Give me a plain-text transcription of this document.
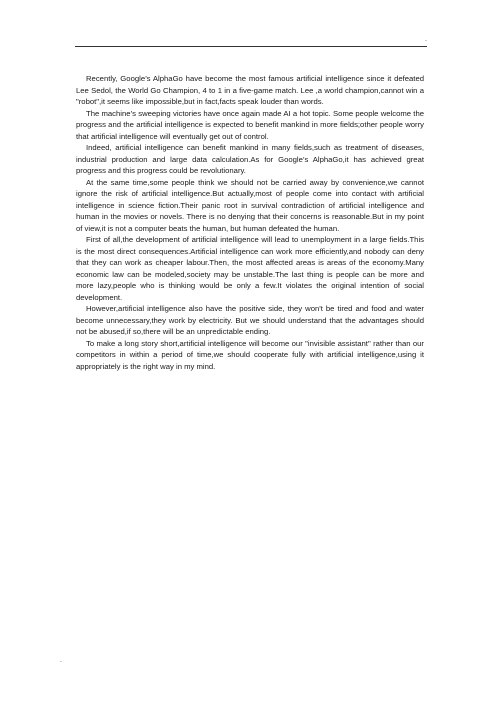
.

Recently, Google’s AlphaGo have become the most famous artificial intelligence since it defeated Lee Sedol, the World Go Champion, 4 to 1 in a five-game match. Lee ,a world champion,cannot win a "robot",it seems like impossible,but in fact,facts speak louder than words.

The machine’s sweeping victories have once again made AI a hot topic. Some people welcome the progress and the artificial intelligence is expected to benefit mankind in more fields;other people worry that artificial intelligence will eventually get out of control.

Indeed, artificial intelligence can benefit mankind in many fields,such as treatment of diseases, industrial production and large data calculation.As for Google’s AlphaGo,it has achieved great progress and this progress could be revolutionary.

At the same time,some people think we should not be carried away by convenience,we cannot ignore the risk of artificial intelligence.But actually,most of people come into contact with artificial intelligence in science fiction.Their panic root in survival contradiction of artificial intelligence and human in the movies or novels. There is no denying that their concerns is reasonable.But in my point of view,it is not a computer beats the human, but human defeated the human.

First of all,the development of artificial intelligence will lead to unemployment in a large fields.This is the most direct consequences.Artificial intelligence can work more efficiently,and nobody can deny that they can work as cheaper labour.Then, the most affected areas is areas of the economy.Many economic law can be modeled,society may be unstable.The last thing is people can be more and more lazy,people who is thinking would be only a few.It violates the original intention of social development.

However,artificial intelligence also have the positive side, they won't be tired and food and water become unnecessary,they work by electricity. But we should understand that the advantages should not be abused,if so,there will be an unpredictable ending.

To make a long story short,artificial intelligence will become our "invisible assistant" rather than our competitors in within a period of time,we should cooperate fully with artificial intelligence,using it appropriately is the right way in my mind.

.
